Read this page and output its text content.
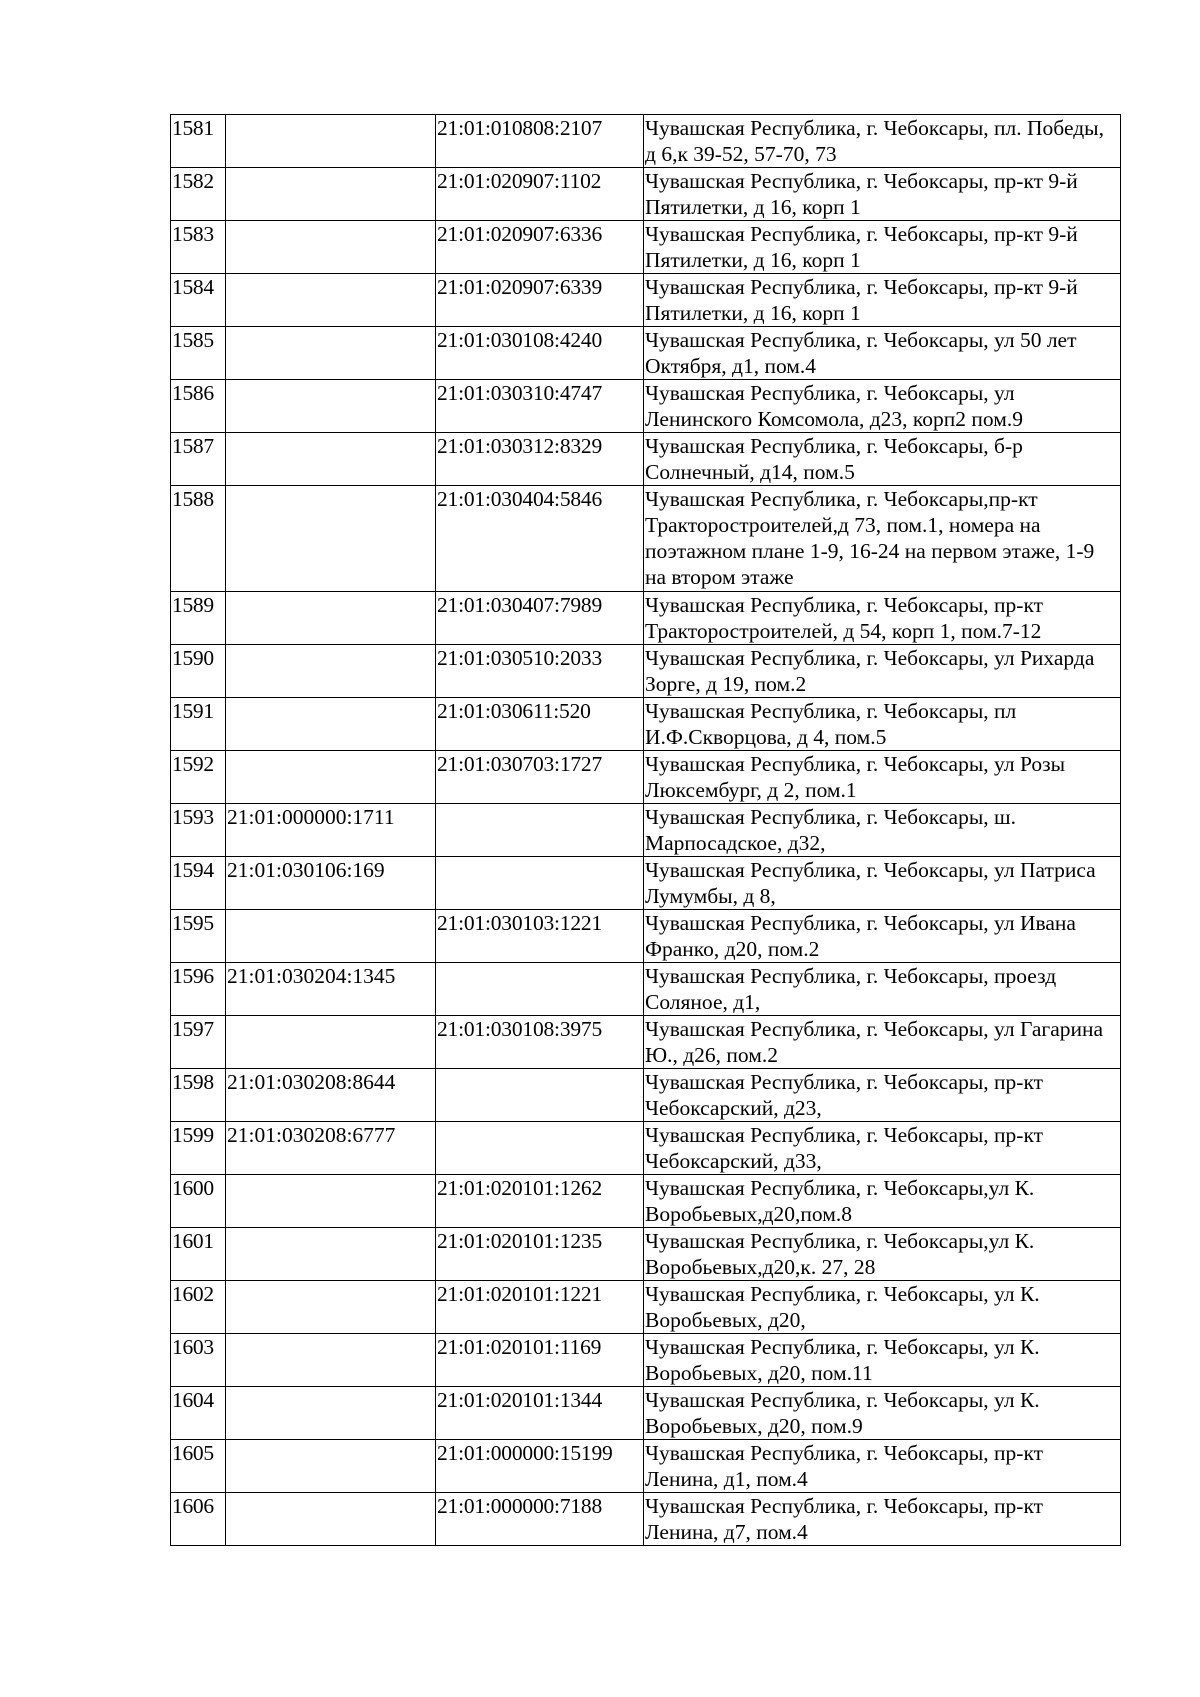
1581		21:01:010808:2107	Чувашская Республика, г. Чебоксары, пл. Победы, д 6,к 39-52, 57-70, 73
1582		21:01:020907:1102	Чувашская Республика, г. Чебоксары, пр-кт 9-й Пятилетки, д 16, корп 1
1583		21:01:020907:6336	Чувашская Республика, г. Чебоксары, пр-кт 9-й Пятилетки, д 16, корп 1
1584		21:01:020907:6339	Чувашская Республика, г. Чебоксары, пр-кт 9-й Пятилетки, д 16, корп 1
1585		21:01:030108:4240	Чувашская Республика, г. Чебоксары, ул 50 лет Октября, д1, пом.4
1586		21:01:030310:4747	Чувашская Республика, г. Чебоксары, ул Ленинского Комсомола, д23, корп2 пом.9
1587		21:01:030312:8329	Чувашская Республика, г. Чебоксары, б-р Солнечный, д14, пом.5
1588		21:01:030404:5846	Чувашская Республика, г. Чебоксары,пр-кт Тракторостроителей,д 73, пом.1, номера на поэтажном плане 1-9, 16-24 на первом этаже, 1-9 на втором этаже
1589		21:01:030407:7989	Чувашская Республика, г. Чебоксары, пр-кт Тракторостроителей, д 54, корп 1, пом.7-12
1590		21:01:030510:2033	Чувашская Республика, г. Чебоксары, ул Рихарда Зорге, д 19, пом.2
1591		21:01:030611:520	Чувашская Республика, г. Чебоксары, пл И.Ф.Скворцова, д 4, пом.5
1592		21:01:030703:1727	Чувашская Республика, г. Чебоксары, ул Розы Люксембург, д 2, пом.1
1593	21:01:000000:1711		Чувашская Республика, г. Чебоксары, ш. Марпосадское, д32,
1594	21:01:030106:169		Чувашская Республика, г. Чебоксары, ул Патриса Лумумбы, д 8,
1595		21:01:030103:1221	Чувашская Республика, г. Чебоксары, ул Ивана Франко, д20, пом.2
1596	21:01:030204:1345		Чувашская Республика, г. Чебоксары, проезд Соляное, д1,
1597		21:01:030108:3975	Чувашская Республика, г. Чебоксары, ул Гагарина Ю., д26, пом.2
1598	21:01:030208:8644		Чувашская Республика, г. Чебоксары, пр-кт Чебоксарский, д23,
1599	21:01:030208:6777		Чувашская Республика, г. Чебоксары, пр-кт Чебоксарский, д33,
1600		21:01:020101:1262	Чувашская Республика, г. Чебоксары,ул К. Воробьевых,д20,пом.8
1601		21:01:020101:1235	Чувашская Республика, г. Чебоксары,ул К. Воробьевых,д20,к. 27, 28
1602		21:01:020101:1221	Чувашская Республика, г. Чебоксары, ул К. Воробьевых, д20,
1603		21:01:020101:1169	Чувашская Республика, г. Чебоксары, ул К. Воробьевых, д20, пом.11
1604		21:01:020101:1344	Чувашская Республика, г. Чебоксары, ул К. Воробьевых, д20, пом.9
1605		21:01:000000:15199	Чувашская Республика, г. Чебоксары, пр-кт Ленина, д1, пом.4
1606		21:01:000000:7188	Чувашская Республика, г. Чебоксары, пр-кт Ленина, д7, пом.4
